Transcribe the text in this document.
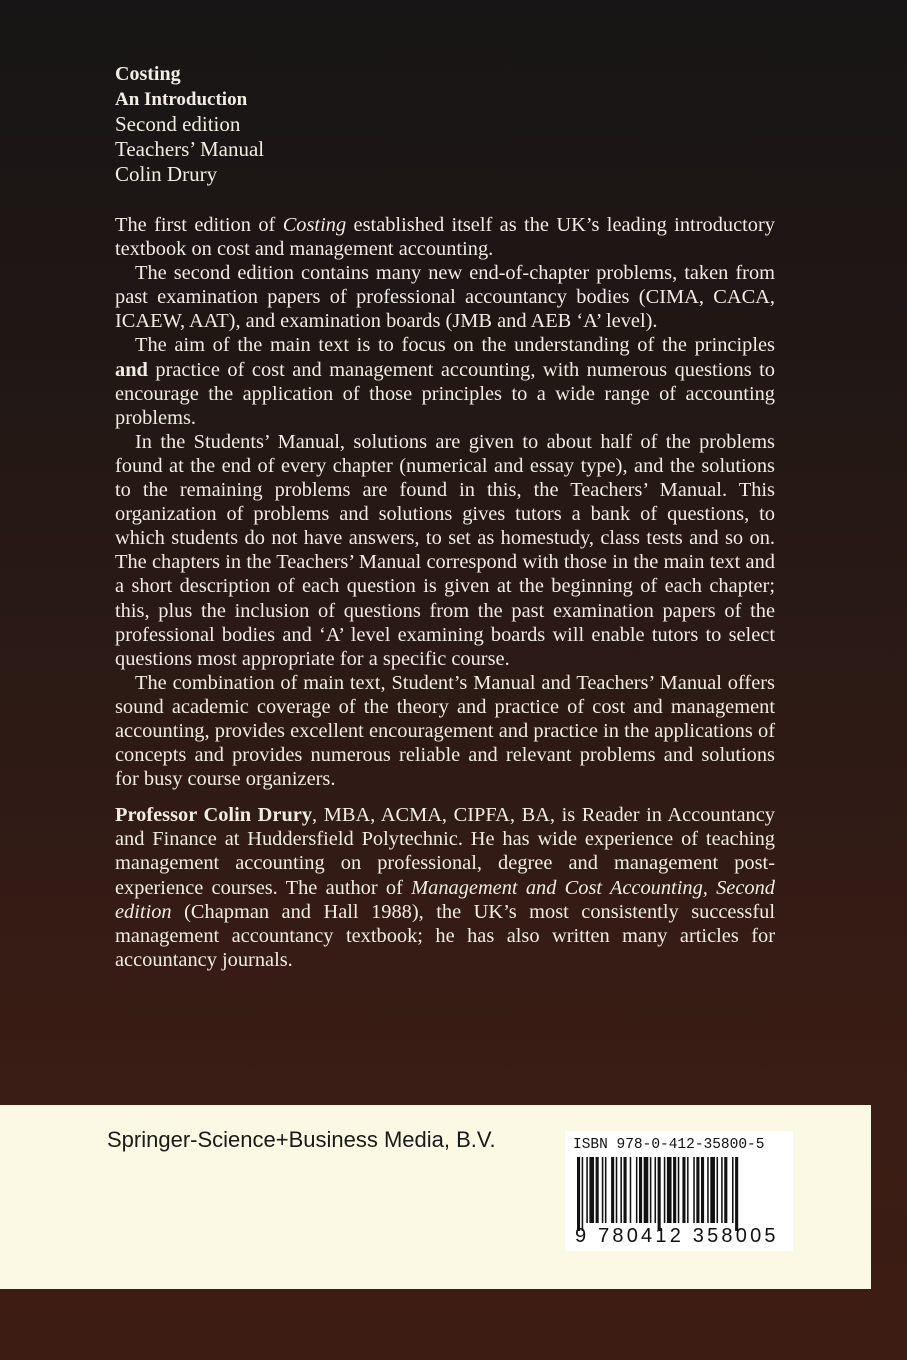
Costing
An Introduction
Second edition
Teachers’ Manual
Colin Drury

The first edition of Costing established itself as the UK’s leading introductory textbook on cost and management accounting.

The second edition contains many new end-of-chapter problems, taken from past examination papers of professional accountancy bodies (CIMA, CACA, ICAEW, AAT), and examination boards (JMB and AEB ‘A’ level).

The aim of the main text is to focus on the understanding of the principles and practice of cost and management accounting, with numerous questions to encourage the application of those principles to a wide range of accounting problems.

In the Students’ Manual, solutions are given to about half of the problems found at the end of every chapter (numerical and essay type), and the solutions to the remaining problems are found in this, the Teachers’ Manual. This organization of problems and solutions gives tutors a bank of questions, to which students do not have answers, to set as homestudy, class tests and so on. The chapters in the Teachers’ Manual correspond with those in the main text and a short description of each question is given at the beginning of each chapter; this, plus the inclusion of questions from the past examination papers of the professional bodies and ‘A’ level examining boards will enable tutors to select questions most appropriate for a specific course.

The combination of main text, Student’s Manual and Teachers’ Manual offers sound academic coverage of the theory and practice of cost and management accounting, provides excellent encouragement and practice in the applications of concepts and provides numerous reliable and relevant problems and solutions for busy course organizers.

Professor Colin Drury, MBA, ACMA, CIPFA, BA, is Reader in Accountancy and Finance at Huddersfield Polytechnic. He has wide experience of teaching management accounting on professional, degree and management post-experience courses. The author of Management and Cost Accounting, Second edition (Chapman and Hall 1988), the UK’s most consistently successful management accountancy textbook; he has also written many articles for accountancy journals.

Springer-Science+Business Media, B.V.	ISBN 978-0-412-35800-5
9 780412 358005
